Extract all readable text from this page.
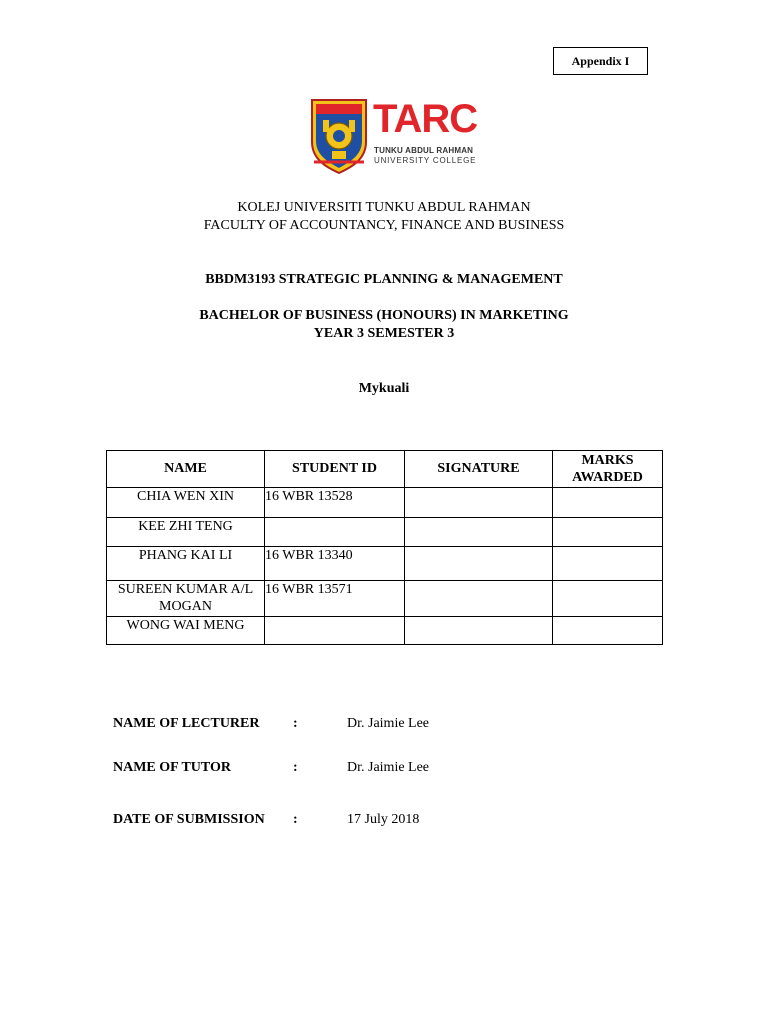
Appendix I
TARC
TUNKU ABDUL RAHMAN
UNIVERSITY COLLEGE
KOLEJ UNIVERSITI TUNKU ABDUL RAHMAN
FACULTY OF ACCOUNTANCY, FINANCE AND BUSINESS
BBDM3193 STRATEGIC PLANNING & MANAGEMENT
BACHELOR OF BUSINESS (HONOURS) IN MARKETING
YEAR 3 SEMESTER 3
Mykuali
NAME	STUDENT ID	SIGNATURE	MARKS AWARDED
CHIA WEN XIN	16 WBR 13528		
KEE ZHI TENG			
PHANG KAI LI	16 WBR 13340		
SUREEN KUMAR A/L MOGAN	16 WBR 13571		
WONG WAI MENG			
NAME OF LECTURER :	Dr. Jaimie Lee
NAME OF TUTOR	:	Dr. Jaimie Lee
DATE OF SUBMISSION :	17 July 2018
